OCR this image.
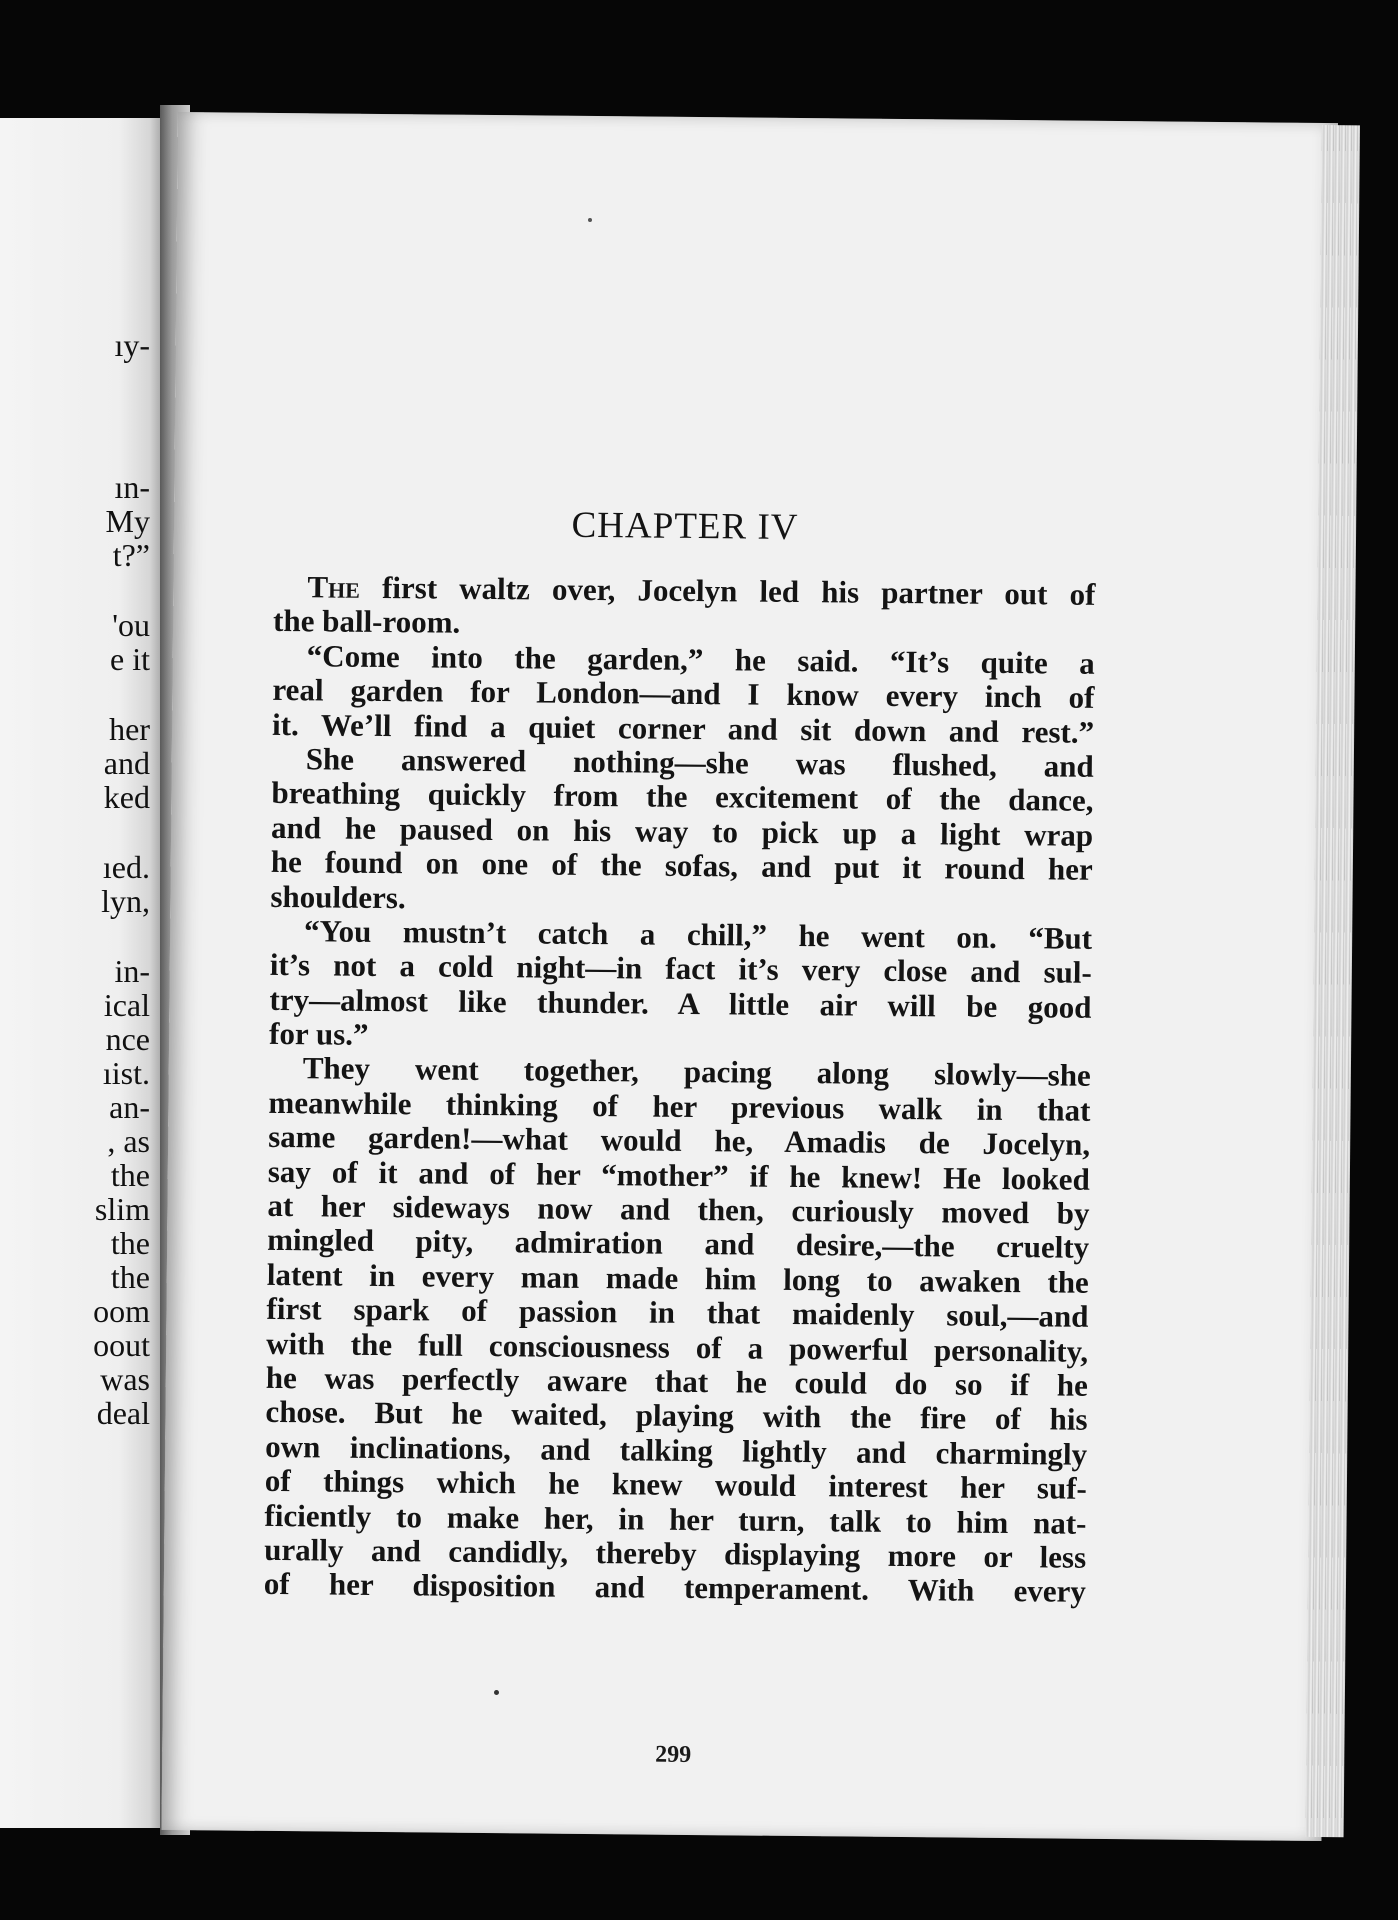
ıy-
ın-
My
t?”
'ou
e it
her
and
ked
ıed.
lyn,
in-
ical
nce
ıist.
an-
, as
the
slim
the
the
oom
oout
was
deal
CHAPTER IV
The first waltz over, Jocelyn led his partner out of
the ball-room.
“Come into the garden,” he said. “It’s quite a
real garden for London—and I know every inch of
it. We’ll find a quiet corner and sit down and rest.”
She answered nothing—she was flushed, and
breathing quickly from the excitement of the dance,
and he paused on his way to pick up a light wrap
he found on one of the sofas, and put it round her
shoulders.
“You mustn’t catch a chill,” he went on. “But
it’s not a cold night—in fact it’s very close and sul-
try—almost like thunder. A little air will be good
for us.”
They went together, pacing along slowly—she
meanwhile thinking of her previous walk in that
same garden!—what would he, Amadis de Jocelyn,
say of it and of her “mother” if he knew! He looked
at her sideways now and then, curiously moved by
mingled pity, admiration and desire,—the cruelty
latent in every man made him long to awaken the
first spark of passion in that maidenly soul,—and
with the full consciousness of a powerful personality,
he was perfectly aware that he could do so if he
chose. But he waited, playing with the fire of his
own inclinations, and talking lightly and charmingly
of things which he knew would interest her suf-
ficiently to make her, in her turn, talk to him nat-
urally and candidly, thereby displaying more or less
of her disposition and temperament. With every
299
